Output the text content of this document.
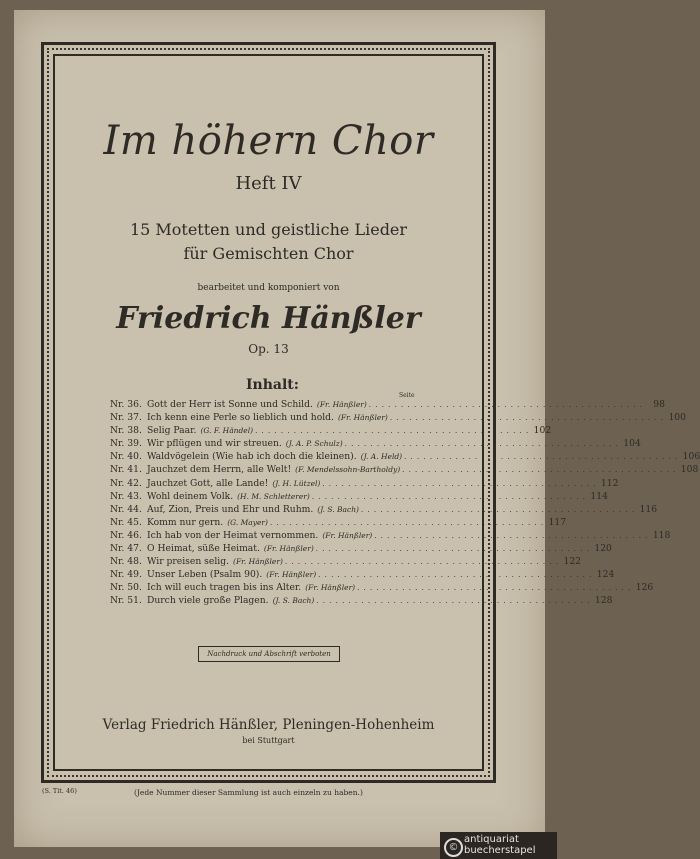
Im höhern Chor
Heft IV
15 Motetten und geistliche Lieder
für Gemischten Chor
bearbeitet und komponiert von
Friedrich Hänßler
Op. 13
Inhalt:
Seite
Nr. 36. Gott der Herr ist Sonne und Schild. (Fr. Hänßler) . . . . . . . . . . . . . . . . . . . . . . . . . . . . . . . . . . . . . . . . . . .	98
Nr. 37. Ich kenn eine Perle so lieblich und hold. (Fr. Hänßler) . . . . . . . . . . . . . . . . . . . . . . . . . . . . . . . . . . . . . . . . . . . 100
Nr. 38. Selig Paar. (G. F. Händel) . . . . . . . . . . . . . . . . . . . . . . . . . . . . . . . . . . . . . . . . . . . 102
Nr. 39. Wir pflügen und wir streuen. (J. A. P. Schulz) . . . . . . . . . . . . . . . . . . . . . . . . . . . . . . . . . . . . . . . . . . . 104
Nr. 40. Waldvögelein (Wie hab ich doch die kleinen). (J. A. Held) . . . . . . . . . . . . . . . . . . . . . . . . . . . . . . . . . . . . . . . . . . . 106
Nr. 41. Jauchzet dem Herrn, alle Welt! (F. Mendelssohn-Bartholdy) . . . . . . . . . . . . . . . . . . . . . . . . . . . . . . . . . . . . . . . . . . . 108
Nr. 42. Jauchzet Gott, alle Lande! (J. H. Lützel) . . . . . . . . . . . . . . . . . . . . . . . . . . . . . . . . . . . . . . . . . . . 112
Nr. 43. Wohl deinem Volk. (H. M. Schletterer) . . . . . . . . . . . . . . . . . . . . . . . . . . . . . . . . . . . . . . . . . . . 114
Nr. 44. Auf, Zion, Preis und Ehr und Ruhm. (J. S. Bach) . . . . . . . . . . . . . . . . . . . . . . . . . . . . . . . . . . . . . . . . . . . 116
Nr. 45. Komm nur gern. (G. Mayer) . . . . . . . . . . . . . . . . . . . . . . . . . . . . . . . . . . . . . . . . . . . 117
Nr. 46. Ich hab von der Heimat vernommen. (Fr. Hänßler) . . . . . . . . . . . . . . . . . . . . . . . . . . . . . . . . . . . . . . . . . . . 118
Nr. 47. O Heimat, süße Heimat. (Fr. Hänßler) . . . . . . . . . . . . . . . . . . . . . . . . . . . . . . . . . . . . . . . . . . . 120
Nr. 48. Wir preisen selig. (Fr. Hänßler) . . . . . . . . . . . . . . . . . . . . . . . . . . . . . . . . . . . . . . . . . . . 122
Nr. 49. Unser Leben (Psalm 90). (Fr. Hänßler) . . . . . . . . . . . . . . . . . . . . . . . . . . . . . . . . . . . . . . . . . . . 124
Nr. 50. Ich will euch tragen bis ins Alter. (Fr. Hänßler) . . . . . . . . . . . . . . . . . . . . . . . . . . . . . . . . . . . . . . . . . . . 126
Nr. 51. Durch viele große Plagen. (J. S. Bach) . . . . . . . . . . . . . . . . . . . . . . . . . . . . . . . . . . . . . . . . . . . 128
Nachdruck und Abschrift verboten
Verlag Friedrich Hänßler, Pleningen-Hohenheim
bei Stuttgart
(S. Tit. 46)	(Jede Nummer dieser Sammlung ist auch einzeln zu haben.)
©
antiquariat
buecherstapel
